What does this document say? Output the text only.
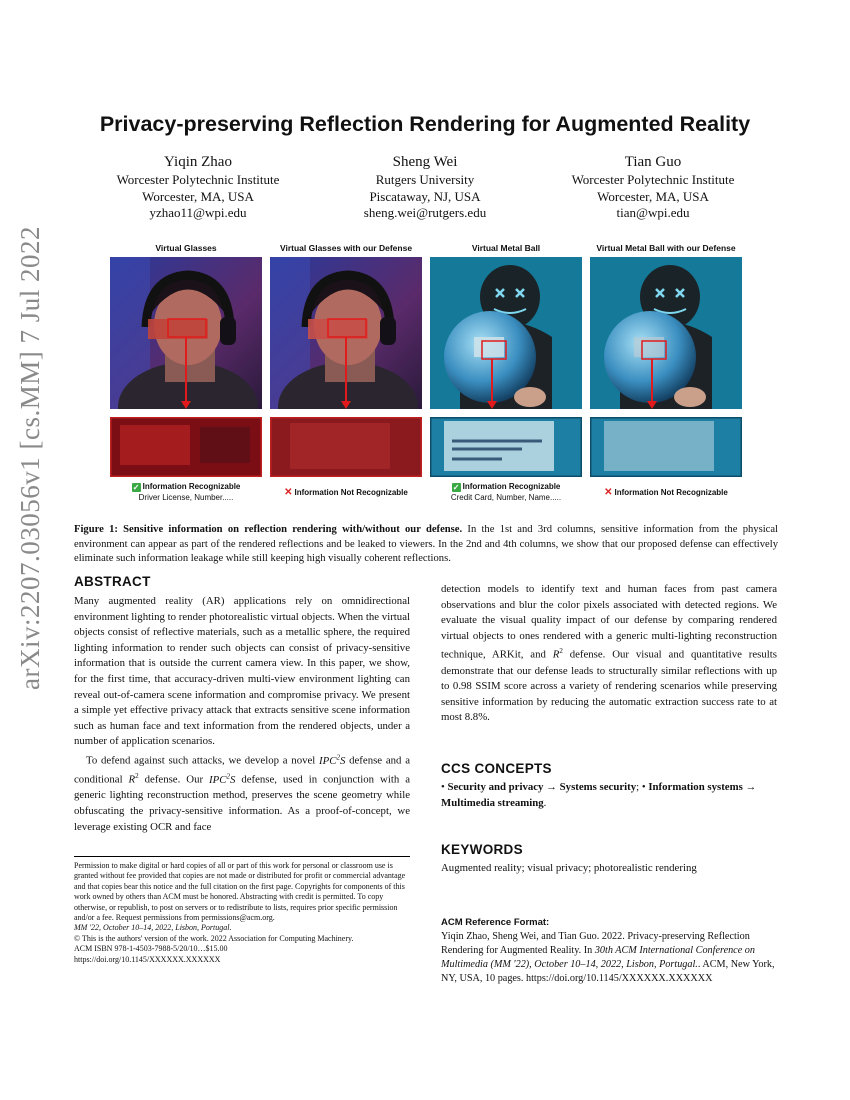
arXiv:2207.03056v1 [cs.MM] 7 Jul 2022
Privacy-preserving Reflection Rendering for Augmented Reality
Yiqin Zhao
Worcester Polytechnic Institute
Worcester, MA, USA
yzhao11@wpi.edu
Sheng Wei
Rutgers University
Piscataway, NJ, USA
sheng.wei@rutgers.edu
Tian Guo
Worcester Polytechnic Institute
Worcester, MA, USA
tian@wpi.edu
Virtual Glasses	Virtual Glasses with our Defense	Virtual Metal Ball	Virtual Metal Ball with our Defense
✓ Information Recognizable
Driver License, Number.....	✕ Information Not Recognizable
✓ Information Recognizable
Credit Card, Number, Name.....	✕ Information Not Recognizable
Figure 1: Sensitive information on reflection rendering with/without our defense. In the 1st and 3rd columns, sensitive information from the physical environment can appear as part of the rendered reflections and be leaked to viewers. In the 2nd and 4th columns, we show that our proposed defense can effectively eliminate such information leakage while still keeping high visually coherent reflections.
ABSTRACT

Many augmented reality (AR) applications rely on omnidirectional environment lighting to render photorealistic virtual objects. When the virtual objects consist of reflective materials, such as a metallic sphere, the required lighting information to render such objects can consist of privacy-sensitive information that is outside the current camera view. In this paper, we show, for the first time, that accuracy-driven multi-view environment lighting can reveal out-of-camera scene information and compromise privacy. We present a simple yet effective privacy attack that extracts sensitive scene information such as human face and text information from the rendered objects, under a number of application scenarios.

To defend against such attacks, we develop a novel IPC$^2$S defense and a conditional $R^2$ defense. Our IPC$^2$S defense, used in conjunction with a generic lighting reconstruction method, preserves the scene geometry while obfuscating the privacy-sensitive information. As a proof-of-concept, we leverage existing OCR and face

detection models to identify text and human faces from past camera observations and blur the color pixels associated with detected regions. We evaluate the visual quality impact of our defense by comparing rendered virtual objects to ones rendered with a generic multi-lighting reconstruction technique, ARKit, and $R^2$ defense. Our visual and quantitative results demonstrate that our defense leads to structurally similar reflections with up to 0.98 SSIM score across a variety of rendering scenarios while preserving sensitive information by reducing the automatic extraction success rate to at most 8.8%.

CCS CONCEPTS
• Security and privacy → Systems security; • Information systems → Multimedia streaming.
KEYWORDS
Augmented reality; visual privacy; photorealistic rendering
ACM Reference Format:
Yiqin Zhao, Sheng Wei, and Tian Guo. 2022. Privacy-preserving Reflection Rendering for Augmented Reality. In 30th ACM International Conference on Multimedia (MM '22), October 10–14, 2022, Lisbon, Portugal.. ACM, New York, NY, USA, 10 pages. https://doi.org/10.1145/XXXXXX.XXXXXX

Permission to make digital or hard copies of all or part of this work for personal or classroom use is granted without fee provided that copies are not made or distributed for profit or commercial advantage and that copies bear this notice and the full citation on the first page. Copyrights for components of this work owned by others than ACM must be honored. Abstracting with credit is permitted. To copy otherwise, or republish, to post on servers or to redistribute to lists, requires prior specific permission and/or a fee. Request permissions from permissions@acm.org.

MM '22, October 10–14, 2022, Lisbon, Portugal.

© This is the authors' version of the work. 2022 Association for Computing Machinery.

ACM ISBN 978-1-4503-7988-5/20/10…$15.00

https://doi.org/10.1145/XXXXXX.XXXXXX
